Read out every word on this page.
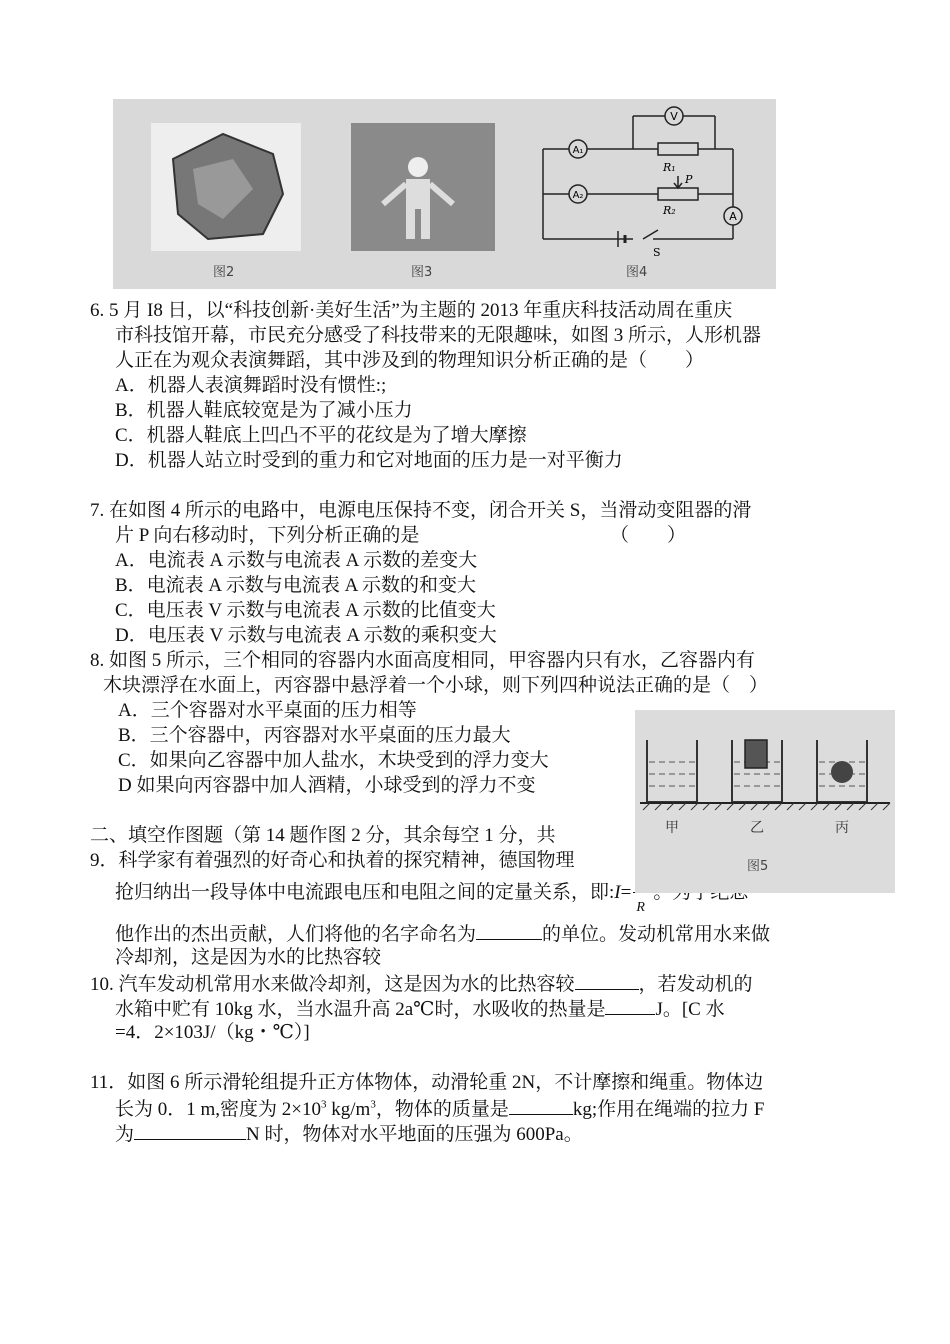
V
A₁
A₂
A
R₁
R₂
P
S
图2	图3	图4
6. 5 月 I8 日，以“科技创新·美好生活”为主题的 2013 年重庆科技活动周在重庆
市科技馆开幕，市民充分感受了科技带来的无限趣味，如图 3 所示，人形机器
人正在为观众表演舞蹈，其中涉及到的物理知识分析正确的是（　　）
A．机器人表演舞蹈时没有惯性:;
B．机器人鞋底较宽是为了减小压力
C．机器人鞋底上凹凸不平的花纹是为了增大摩擦
D．机器人站立时受到的重力和它对地面的压力是一对平衡力
7. 在如图 4 所示的电路中，电源电压保持不变，闭合开关 S，当滑动变阻器的滑
片 P 向右移动时，下列分析正确的是	（　　）
A．电流表 A 示数与电流表 A 示数的差变大
B．电流表 A 示数与电流表 A 示数的和变大
C．电压表 V 示数与电流表 A 示数的比值变大
D．电压表 V 示数与电流表 A 示数的乘积变大
8. 如图 5 所示，三个相同的容器内水面高度相同，甲容器内只有水，乙容器内有
木块漂浮在水面上，丙容器中悬浮着一个小球，则下列四种说法正确的是（　）
A．三个容器对水平桌面的压力相等
B．三个容器中，丙容器对水平桌面的压力最大
C．如果向乙容器中加人盐水，木块受到的浮力变大
D 如果向丙容器中加人酒精，小球受到的浮力不变
二、填空作图题（第 14 题作图 2 分，其余每空 1 分，共
9．科学家有着强烈的好奇心和执着的探究精神，德国物理
抢归纳出一段导体中电流跟电压和电阻之间的定量关系，即:I=
R

他作出的杰出贡献，人们将他的名字命名为	的单位。发动机常用水来做
冷却剂，这是因为水的比热容较
10. 汽车发动机常用水来做冷却剂，这是因为水的比热容较	，若发动机的
水箱中贮有 10kg 水，当水温升高 2a℃时，水吸收的热量是	J。[C 水
=4．2×103J/（kg・℃）]
11．如图 6 所示滑轮组提升正方体物体，动滑轮重 2N，不计摩擦和绳重。物体边
长为 0．1 m,密度为 $2\times 10^3$ $kg/m^3$，物体的质量是	kg;作用在绳端的拉力 F
为	N 时，物体对水平地面的压强为 600Pa。
甲	乙	丙
图5
